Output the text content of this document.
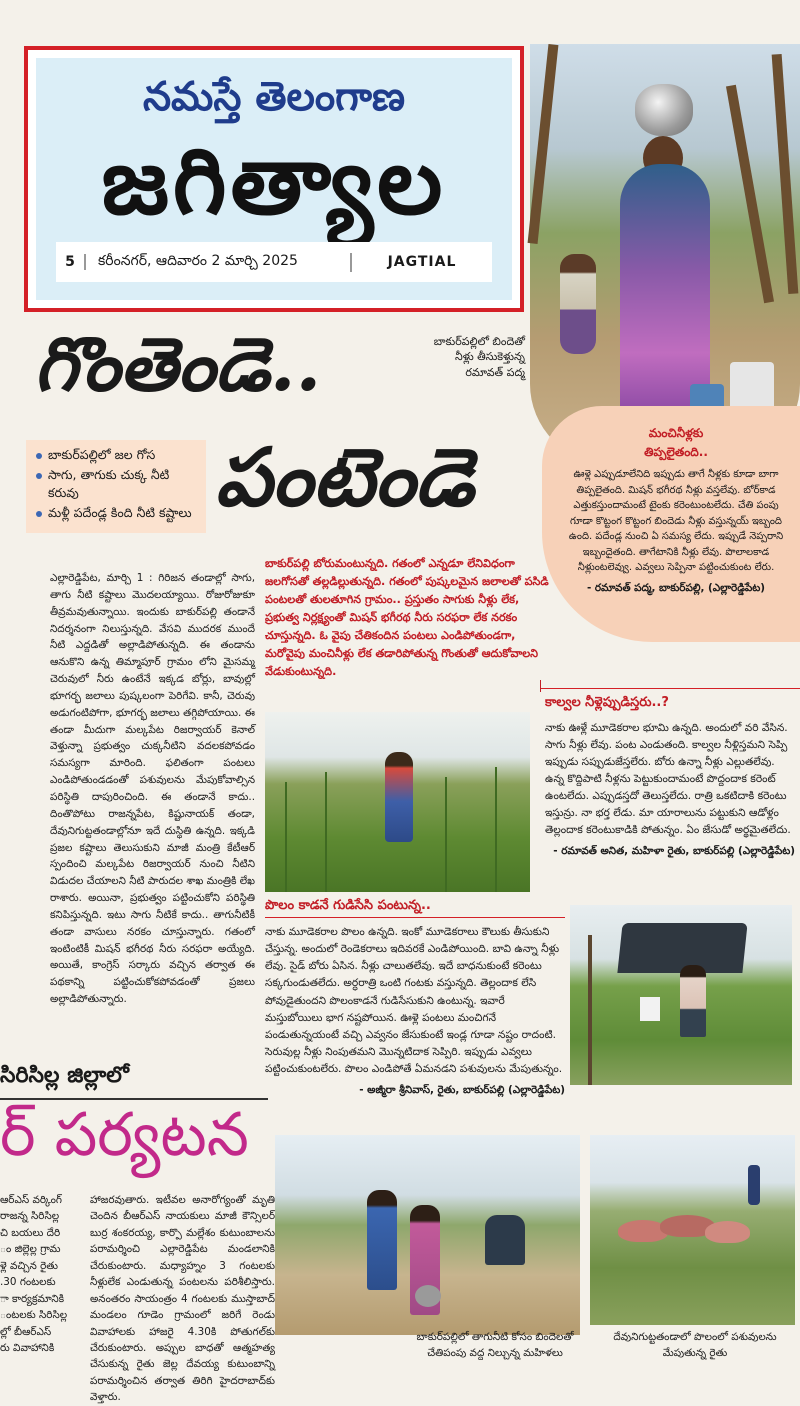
నమస్తే తెలంగాణ
జగిత్యాల
5	కరీంనగర్, ఆదివారం 2 మార్చి 2025	JAGTIAL
బాకుర్‌పల్లిలో బిందెతో
నీళ్లు తీసుకెళ్తున్న
రమావత్ పద్మ
గొంతెండె..
పంటెండె
బాకుర్‌పల్లిలో జల గోస
సాగు, తాగుకు చుక్క నీటి కరువు
మళ్లీ పదేండ్ల కింది నీటి కష్టాలు
మంచినీళ్లకు
తిప్పలైతంది..
ఊళ్లె ఎప్పుడూలేనిది ఇప్పుడు తాగే నీళ్లకు కూడా బాగా తిప్పలైతంది. మిషన్ భగీరథ నీళ్లు వస్తలేవు. బోర్‌కాడ ఎత్తుకస్తుందామంటే టైంకు కరెంటుంటలేదు. చేతి పంపు గూడా కొట్టంగ కొట్టంగ బిందెడు నీళ్లు వస్తున్నయ్ ఇబ్బంది ఉంది. పదేండ్ల నుంచి ఏ సమస్య లేదు. ఇప్పుడే నెప్పరాని ఇబ్బందైతంది. తాగేటానికి నీళ్లు లేవు. పొలాలకాడ నీళ్లుంటలెవ్వు. ఎవ్వలు సెప్పినా పట్టించుకుంట లేరు.
- రమావత్ పద్మ, బాకుర్‌పల్లి, (ఎల్లారెడ్డిపేట)
బాకుర్‌పల్లి బోరుమంటున్నది. గతంలో ఎన్నడూ లేనివిధంగా జలగోసతో తల్లడిల్లుతున్నది. గతంలో పుష్కలమైన జలాలతో పసిడి పంటలతో తులతూగిన గ్రామం.. ప్రస్తుతం సాగుకు నీళ్లు లేక, ప్రభుత్వ నిర్లక్ష్యంతో మిషన్ భగీరథ నీరు సరఫరా లేక నరకం చూస్తున్నది. ఓ వైపు చేతికందిన పంటలు ఎండిపోతుండగా, మరోవైపు మంచినీళ్లు లేక తడారిపోతున్న గొంతుతో ఆదుకోవాలని వేడుకుంటున్నది.
ఎల్లారెడ్డిపేట, మార్చి 1 : గిరిజన తండాల్లో సాగు, తాగు నీటి కష్టాలు మొదలయ్యాయి. రోజురోజుకూ తీవ్రమవుతున్నాయి. ఇందుకు బాకుర్‌పల్లి తండానే నిదర్శనంగా నిలుస్తున్నది. వేసవి ముదరక ముందే నీటి ఎద్దడితో అల్లాడిపోతున్నది. ఈ తండాను ఆనుకొని ఉన్న తిమ్మాపూర్ గ్రామం లోని మైసమ్మ చెరువులో నీరు ఉంటేనే ఇక్కడ బోర్లు, బావుల్లో భూగర్భ జలాలు పుష్కలంగా పెరిగేవి. కానీ, చెరువు అడుగంటిపోగా, భూగర్భ జలాలు తగ్గిపోయాయి. ఈ తండా మీదుగా మల్కపేట రిజర్వాయర్ కెనాల్ వెళ్తున్నా ప్రభుత్వం చుక్కనీటిని వదలకపోవడం సమస్యగా మారింది. ఫలితంగా పంటలు ఎండిపోతుండడంతో పశువులను మేపుకోవాల్సిన పరిస్థితి దాపురించింది. ఈ తండానే కాదు.. దింతొపోటు రాజన్నపేట, కిష్టునాయక్ తండా, దేవునిగుట్టతండాల్లోనూ ఇదే దుస్థితి ఉన్నది. ఇక్కడి ప్రజల కష్టాలు తెలుసుకుని మాజీ మంత్రి కేటీఆర్ స్పందించి మల్కపేట రిజర్వాయర్ నుంచి నీటిని విడుదల చేయాలని నీటి పారుదల శాఖ మంత్రికి లేఖ రాశారు. అయినా, ప్రభుత్వం పట్టించుకోని పరిస్థితి కనిపిస్తున్నది. ఇటు సాగు నీటికే కాదు.. తాగునీటికీ తండా వాసులు నరకం చూస్తున్నారు. గతంలో ఇంటింటికీ మిషన్ భగీరథ నీరు సరఫరా అయ్యేది. అయితే, కాంగ్రెస్ సర్కారు వచ్చిన తర్వాత ఈ పథకాన్ని పట్టించుకోకపోవడంతో ప్రజలు అల్లాడిపోతున్నారు.
కాల్వల నీళ్లెప్పుడిస్తరు..?
నాకు ఊళ్లే మూడెకరాల భూమి ఉన్నది. అందులో వరి వేసిన. సాగు నీళ్లు లేవు. పంట ఎండుతంది. కాల్వల నీళ్లిస్తమని సెప్పి ఇప్పుడు సప్పుడుజేస్తలేరు. బోరు ఉన్నా నీళ్లు ఎల్లుతలేవు. ఉన్న కొద్దిపాటి నీళ్లను పెట్టుకుందామంటే పొద్దందాక కరెంట్ ఉంటలేదు. ఎప్పుడస్తదో తెలుస్తలేదు. రాత్రి ఒకటిదాకి కరెంటు ఇస్తున్రు. నా భర్త లేడు. మా యారాలును పట్టుకుని ఆడోళ్లం తెల్లందాక కరెంటుకాడికి పోతున్నం. ఏం జేసుడో అర్థమైతలేదు.
- రమావత్ అనిత, మహిళా రైతు, బాకుర్‌పల్లి (ఎల్లారెడ్డిపేట)
పొలం కాడనే గుడిసేసి పంటున్న..
నాకు మూడెకరాల పొలం ఉన్నది. ఇంకో మూడెకరాలు కౌలుకు తీసుకుని చేస్తున్న. అందులో రెండెకరాలు ఇదివరకే ఎండిపోయింది. బావి ఉన్నా నీళ్లు లేవు. సైడ్ బోరు ఏసిన. నీళ్లు చాలుతలేవు. ఇదే బాధనుకుంటే కరెంటు సక్కగుండుతలేదు. అర్ధరాత్రి ఒంటి గంటకు వస్తున్నది. తెల్లందాక లేసి పోవుడైతుందని పొలంకాడనే గుడిసేసుకుని ఉంటున్న. ఇవారే మస్తుబోయిలు భాగ నష్టపోయిన. ఊళ్లె పంటలు మంచిగనే పండుతున్నయంటే వచ్చి ఎవ్వనం జేసుకుంటే ఇండ్ల గూడా నష్టం రాదంటి. సెరువుల్ల నీళ్లు నింపుతమని మొన్నటిదాక సెప్పిరి. ఇప్పుడు ఎవ్వలు పట్టించుకుంటలేరు. పొలం ఎండిపోతే ఏమనడని పశువులను మేపుతున్నం.
- అజ్మీరా శ్రీనివాస్, రైతు, బాకుర్‌పల్లి (ఎల్లారెడ్డిపేట)
సిరిసిల్ల జిల్లాలో
ర్ పర్యటన
ఆర్ఎస్ వర్కింగ్
రాజన్న సిరిసిల్ల
చి బయలు దేరి
ం జిల్లెల్ల గ్రామ
ళ్లె వచ్చిన రైతు
.30 గంటలకు
ా కార్యక్రమానికి
ంటలకు సిరిసిల్ల
ల్లో బీఆర్ఎస్
రు వివాహానికి
హాజరవుతారు. ఇటీవల అనారోగ్యంతో మృతి చెందిన బీఆర్ఎస్ నాయకులు మాజీ కౌన్సిలర్ బుర్ర శంకరయ్య, కార్పొ మల్లేశం కుటుంబాలను పరామర్శించి ఎల్లారెడ్డిపేట మండలానికి చేరుకుంటారు. మధ్యాహ్నం 3 గంటలకు నీళ్లులేక ఎండుతున్న పంటలను పరిశీలిస్తారు. అనంతరం సాయంత్రం 4 గంటలకు ముస్తాబాద్ మండలం గూడెం గ్రామంలో జరిగే రెండు వివాహాలకు హాజరై 4.30కి పోతుగల్‌కు చేరుకుంటారు. అప్పుల బాధతో ఆత్మహత్య చేసుకున్న రైతు జెల్ల దేవయ్య కుటుంబాన్ని పరామర్శించిన తర్వాత తిరిగి హైదరాబాద్‌కు వెళ్తారు.
బాకుర్‌పల్లిలో తాగునీటి కోసం బిందెలతో చేతిపంపు వద్ద నిల్చున్న మహిళలు
దేవునిగుట్టతండాలో పొలంలో పశువులను మేపుతున్న రైతు
